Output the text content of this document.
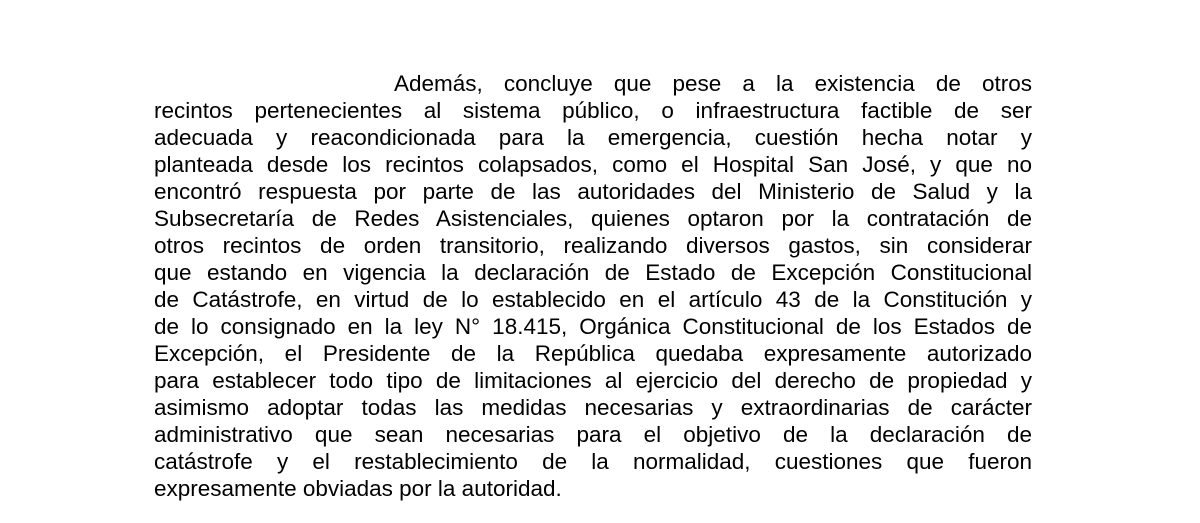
Además, concluye que pese a la existencia de otros
recintos pertenecientes al sistema público, o infraestructura factible de ser
adecuada y reacondicionada para la emergencia, cuestión hecha notar y
planteada desde los recintos colapsados, como el Hospital San José, y que no
encontró respuesta por parte de las autoridades del Ministerio de Salud y la
Subsecretaría de Redes Asistenciales, quienes optaron por la contratación de
otros recintos de orden transitorio, realizando diversos gastos, sin considerar
que estando en vigencia la declaración de Estado de Excepción Constitucional
de Catástrofe, en virtud de lo establecido en el artículo 43 de la Constitución y
de lo consignado en la ley N° 18.415, Orgánica Constitucional de los Estados de
Excepción, el Presidente de la República quedaba expresamente autorizado
para establecer todo tipo de limitaciones al ejercicio del derecho de propiedad y
asimismo adoptar todas las medidas necesarias y extraordinarias de carácter
administrativo que sean necesarias para el objetivo de la declaración de
catástrofe y el restablecimiento de la normalidad, cuestiones que fueron
expresamente obviadas por la autoridad.
